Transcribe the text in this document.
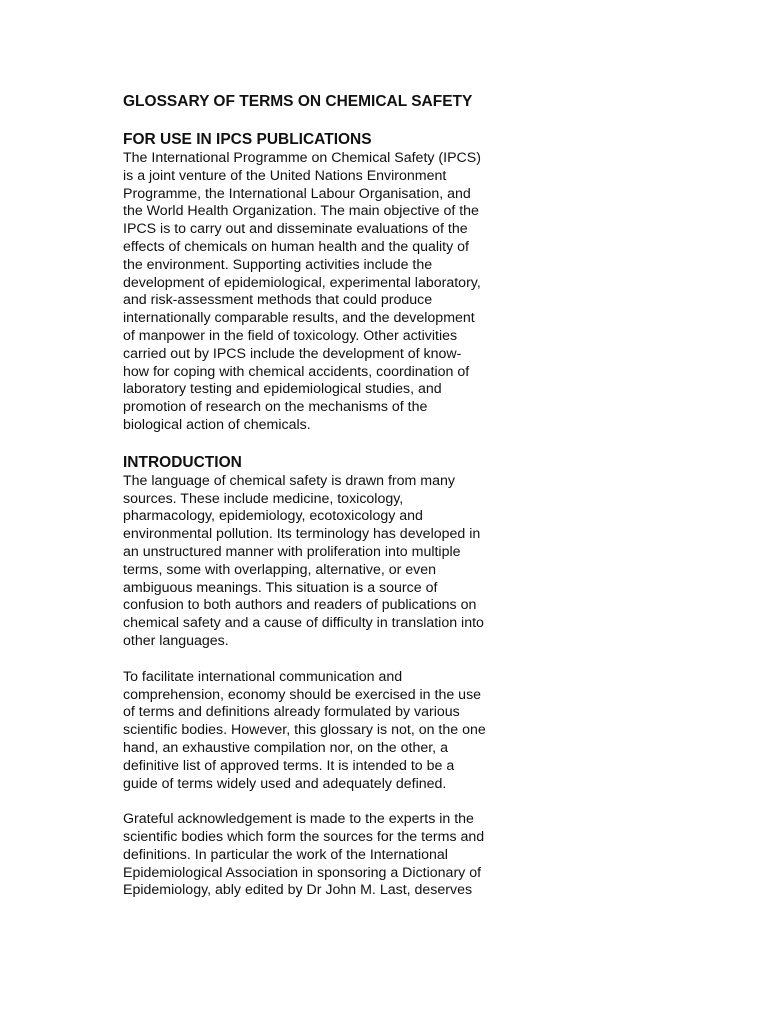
GLOSSARY OF TERMS ON CHEMICAL SAFETY
FOR USE IN IPCS PUBLICATIONS

The International Programme on Chemical Safety (IPCS)
is a joint venture of the United Nations Environment
Programme, the International Labour Organisation, and
the World Health Organization. The main objective of the
IPCS is to carry out and disseminate evaluations of the
effects of chemicals on human health and the quality of
the environment. Supporting activities include the
development of epidemiological, experimental laboratory,
and risk-assessment methods that could produce
internationally comparable results, and the development
of manpower in the field of toxicology. Other activities
carried out by IPCS include the development of know-
how for coping with chemical accidents, coordination of
laboratory testing and epidemiological studies, and
promotion of research on the mechanisms of the
biological action of chemicals.

INTRODUCTION

The language of chemical safety is drawn from many
sources. These include medicine, toxicology,
pharmacology, epidemiology, ecotoxicology and
environmental pollution. Its terminology has developed in
an unstructured manner with proliferation into multiple
terms, some with overlapping, alternative, or even
ambiguous meanings. This situation is a source of
confusion to both authors and readers of publications on
chemical safety and a cause of difficulty in translation into
other languages.

To facilitate international communication and
comprehension, economy should be exercised in the use
of terms and definitions already formulated by various
scientific bodies. However, this glossary is not, on the one
hand, an exhaustive compilation nor, on the other, a
definitive list of approved terms. It is intended to be a
guide of terms widely used and adequately defined.

Grateful acknowledgement is made to the experts in the
scientific bodies which form the sources for the terms and
definitions. In particular the work of the International
Epidemiological Association in sponsoring a Dictionary of
Epidemiology, ably edited by Dr John M. Last, deserves
